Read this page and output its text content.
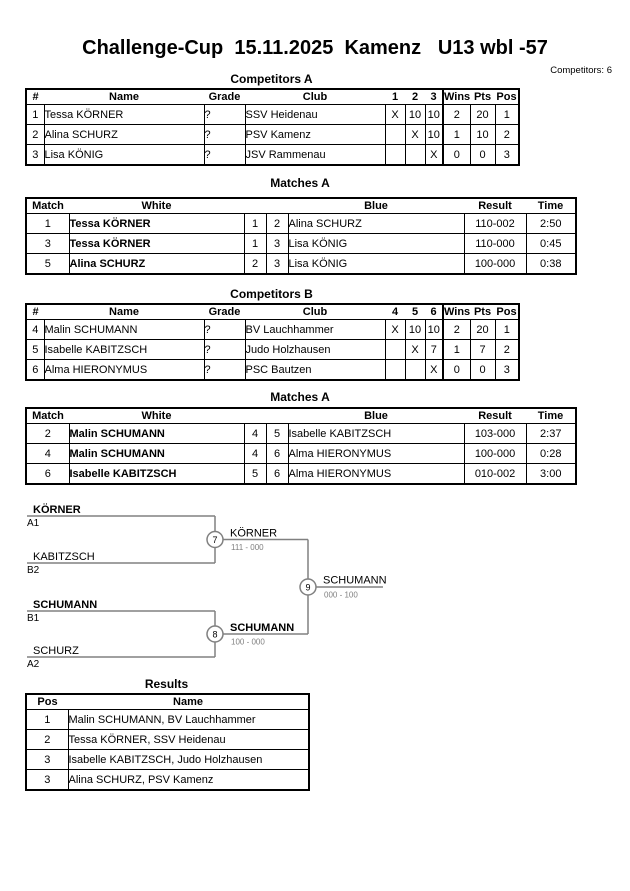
Challenge-Cup  15.11.2025  Kamenz   U13 wbl -57
Competitors: 6
Competitors A
#	Name	Grade	Club	1	2	3	Wins	Pts	Pos
1	Tessa KÖRNER	?	SSV Heidenau	X	10	10	2	20	1
2	Alina SCHURZ	?	PSV Kamenz		X	10	1	10	2
3	Lisa KÖNIG	?	JSV Rammenau			X	0	0	3
Matches A
Match	White			Blue	Result	Time
1	Tessa KÖRNER	1	2	Alina SCHURZ	110-002	2:50
3	Tessa KÖRNER	1	3	Lisa KÖNIG	110-000	0:45
5	Alina SCHURZ	2	3	Lisa KÖNIG	100-000	0:38
Competitors B
#	Name	Grade	Club	4	5	6	Wins	Pts	Pos
4	Malin SCHUMANN	?	BV Lauchhammer	X	10	10	2	20	1
5	Isabelle KABITZSCH	?	Judo Holzhausen		X	7	1	7	2
6	Alma HIERONYMUS	?	PSC Bautzen			X	0	0	3
Matches A
Match	White			Blue	Result	Time
2	Malin SCHUMANN	4	5	Isabelle KABITZSCH	103-000	2:37
4	Malin SCHUMANN	4	6	Alma HIERONYMUS	100-000	0:28
6	Isabelle KABITZSCH	5	6	Alma HIERONYMUS	010-002	3:00
KÖRNER
A1
KABITZSCH
B2
SCHUMANN
B1
SCHURZ
A2
7
8
9
KÖRNER
111 - 000
SCHUMANN
100 - 000
SCHUMANN
000 - 100
Results
Pos	Name
1	Malin SCHUMANN, BV Lauchhammer
2	Tessa KÖRNER, SSV Heidenau
3	Isabelle KABITZSCH, Judo Holzhausen
3	Alina SCHURZ, PSV Kamenz
